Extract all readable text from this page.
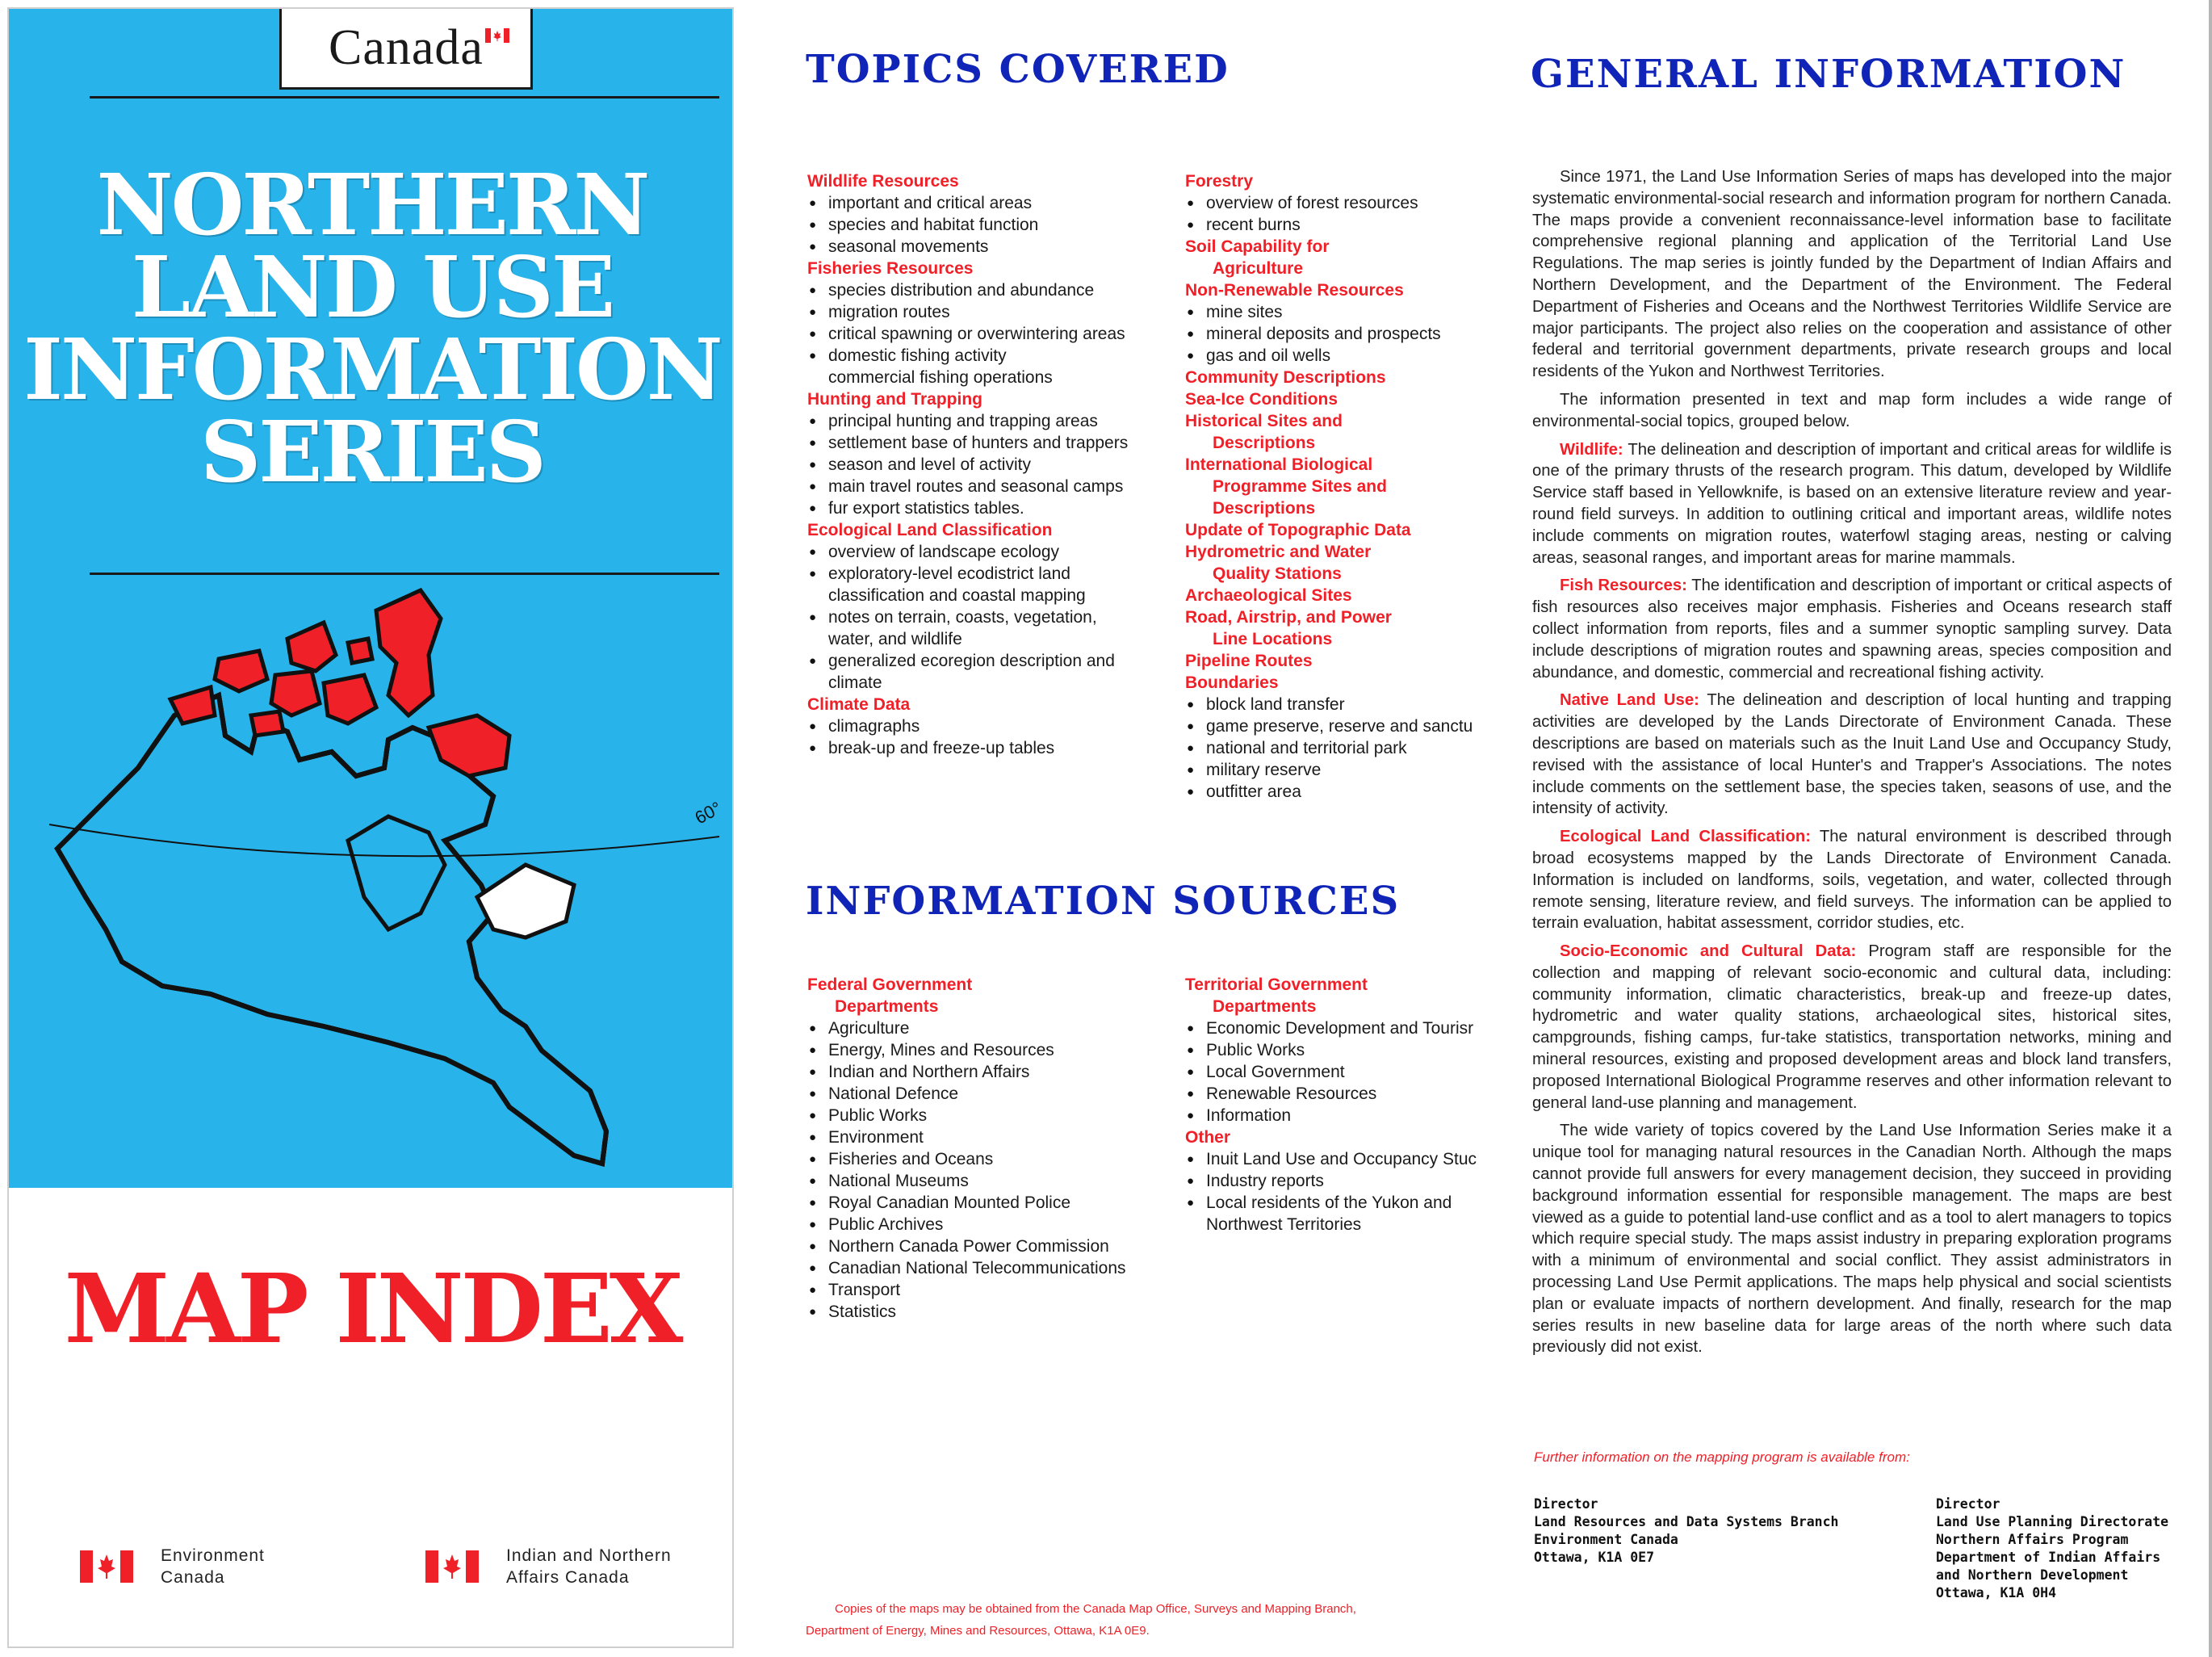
Canada
NORTHERN
LAND USE
INFORMATION
SERIES
60°
MAP INDEX
Environment
Canada
Indian and Northern
Affairs Canada
TOPICS COVERED
Wildlife Resources
● important and critical areas
● species and habitat function
● seasonal movements
Fisheries Resources
● species distribution and abundance
● migration routes
● critical spawning or overwintering areas
● domestic fishing activity
commercial fishing operations
Hunting and Trapping
● principal hunting and trapping areas
● settlement base of hunters and trappers
● season and level of activity
● main travel routes and seasonal camps
● fur export statistics tables.
Ecological Land Classification
● overview of landscape ecology
● exploratory-level ecodistrict land
classification and coastal mapping
● notes on terrain, coasts, vegetation,
water, and wildlife
● generalized ecoregion description and
climate
Climate Data
● climagraphs
● break-up and freeze-up tables
Forestry
● overview of forest resources
● recent burns
Soil Capability for
Agriculture
Non-Renewable Resources
● mine sites
● mineral deposits and prospects
● gas and oil wells
Community Descriptions
Sea-Ice Conditions
Historical Sites and
Descriptions
International Biological
Programme Sites and
Descriptions
Update of Topographic Data
Hydrometric and Water
Quality Stations
Archaeological Sites
Road, Airstrip, and Power
Line Locations
Pipeline Routes
Boundaries
● block land transfer
● game preserve, reserve and sanctu
● national and territorial park
● military reserve
● outfitter area
INFORMATION SOURCES
Federal Government
Departments
● Agriculture
● Energy, Mines and Resources
● Indian and Northern Affairs
● National Defence
● Public Works
● Environment
● Fisheries and Oceans
● National Museums
● Royal Canadian Mounted Police
● Public Archives
● Northern Canada Power Commission
● Canadian National Telecommunications
● Transport
● Statistics
Territorial Government
Departments
● Economic Development and Tourisr
● Public Works
● Local Government
● Renewable Resources
● Information
Other
● Inuit Land Use and Occupancy Stuc
● Industry reports
● Local residents of the Yukon and
Northwest Territories
GENERAL INFORMATION

Since 1971, the Land Use Information Series of maps has developed into the major systematic environmental-social research and information program for northern Canada. The maps provide a convenient reconnaissance-level information base to facilitate comprehensive regional planning and application of the Territorial Land Use Regulations. The map series is jointly funded by the Department of Indian Affairs and Northern Development, and the Department of the Environment. The Federal Department of Fisheries and Oceans and the Northwest Territories Wildlife Service are major participants. The project also relies on the cooperation and assistance of other federal and territorial government departments, private research groups and local residents of the Yukon and Northwest Territories.

The information presented in text and map form includes a wide range of environmental-social topics, grouped below.

Wildlife: The delineation and description of important and critical areas for wildlife is one of the primary thrusts of the research program. This datum, developed by Wildlife Service staff based in Yellowknife, is based on an extensive literature review and year-round field surveys. In addition to outlining critical and important areas, wildlife notes include comments on migration routes, waterfowl staging areas, nesting or calving areas, seasonal ranges, and important areas for marine mammals.

Fish Resources: The identification and description of important or critical aspects of fish resources also receives major emphasis. Fisheries and Oceans research staff collect information from reports, files and a summer synoptic sampling survey. Data include descriptions of migration routes and spawning areas, species composition and abundance, and domestic, commercial and recreational fishing activity.

Native Land Use: The delineation and description of local hunting and trapping activities are developed by the Lands Directorate of Environment Canada. These descriptions are based on materials such as the Inuit Land Use and Occupancy Study, revised with the assistance of local Hunter's and Trapper's Associations. The notes include comments on the settlement base, the species taken, seasons of use, and the intensity of activity.

Ecological Land Classification: The natural environment is described through broad ecosystems mapped by the Lands Directorate of Environment Canada. Information is included on landforms, soils, vegetation, and water, collected through remote sensing, literature review, and field surveys. The information can be applied to terrain evaluation, habitat assessment, corridor studies, etc.

Socio-Economic and Cultural Data: Program staff are responsible for the collection and mapping of relevant socio-economic and cultural data, including: community information, climatic characteristics, break-up and freeze-up dates, hydrometric and water quality stations, archaeological sites, historical sites, campgrounds, fishing camps, fur-take statistics, transportation networks, mining and mineral resources, existing and proposed development areas and block land transfers, proposed International Biological Programme reserves and other information relevant to general land-use planning and management.

The wide variety of topics covered by the Land Use Information Series make it a unique tool for managing natural resources in the Canadian North. Although the maps cannot provide full answers for every management decision, they succeed in providing background information essential for responsible management. The maps are best viewed as a guide to potential land-use conflict and as a tool to alert managers to topics which require special study. The maps assist industry in preparing exploration programs with a minimum of environmental and social conflict. They assist administrators in processing Land Use Permit applications. The maps help physical and social scientists plan or evaluate impacts of northern development. And finally, research for the map series results in new baseline data for large areas of the north where such data previously did not exist.

Further information on the mapping program is available from:
Director
Land Resources and Data Systems Branch
Environment Canada
Ottawa, K1A 0E7
Director
Land Use Planning Directorate
Northern Affairs Program
Department of Indian Affairs
and Northern Development
Ottawa, K1A 0H4
Copies of the maps may be obtained from the Canada Map Office, Surveys and Mapping Branch,
Department of Energy, Mines and Resources, Ottawa, K1A 0E9.
